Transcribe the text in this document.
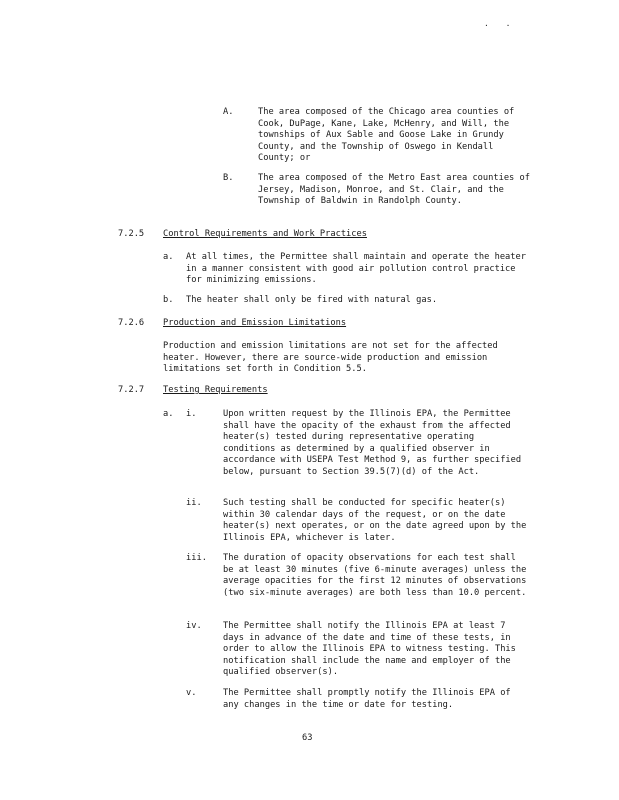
. .
A.	The area composed of the Chicago area counties of Cook, DuPage, Kane, Lake, McHenry, and Will, the townships of Aux Sable and Goose Lake in Grundy County, and the Township of Oswego in Kendall County; or
B.	The area composed of the Metro East area counties of Jersey, Madison, Monroe, and St. Clair, and the Township of Baldwin in Randolph County.
7.2.5 Control Requirements and Work Practices
a. At all times, the Permittee shall maintain and operate the heater in a manner consistent with good air pollution control practice for minimizing emissions.
b. The heater shall only be fired with natural gas.
7.2.6 Production and Emission Limitations
Production and emission limitations are not set for the affected heater. However, there are source-wide production and emission limitations set forth in Condition 5.5.
7.2.7 Testing Requirements
a. i.	Upon written request by the Illinois EPA, the Permittee shall have the opacity of the exhaust from the affected heater(s) tested during representative operating conditions as determined by a qualified observer in accordance with USEPA Test Method 9, as further specified below, pursuant to Section 39.5(7)(d) of the Act.
ii. Such testing shall be conducted for specific heater(s) within 30 calendar days of the request, or on the date heater(s) next operates, or on the date agreed upon by the Illinois EPA, whichever is later.
iii. The duration of opacity observations for each test shall be at least 30 minutes (five 6-minute averages) unless the average opacities for the first 12 minutes of observations (two six-minute averages) are both less than 10.0 percent.
iv. The Permittee shall notify the Illinois EPA at least 7 days in advance of the date and time of these tests, in order to allow the Illinois EPA to witness testing. This notification shall include the name and employer of the qualified observer(s).
v.	The Permittee shall promptly notify the Illinois EPA of any changes in the time or date for testing.
63
